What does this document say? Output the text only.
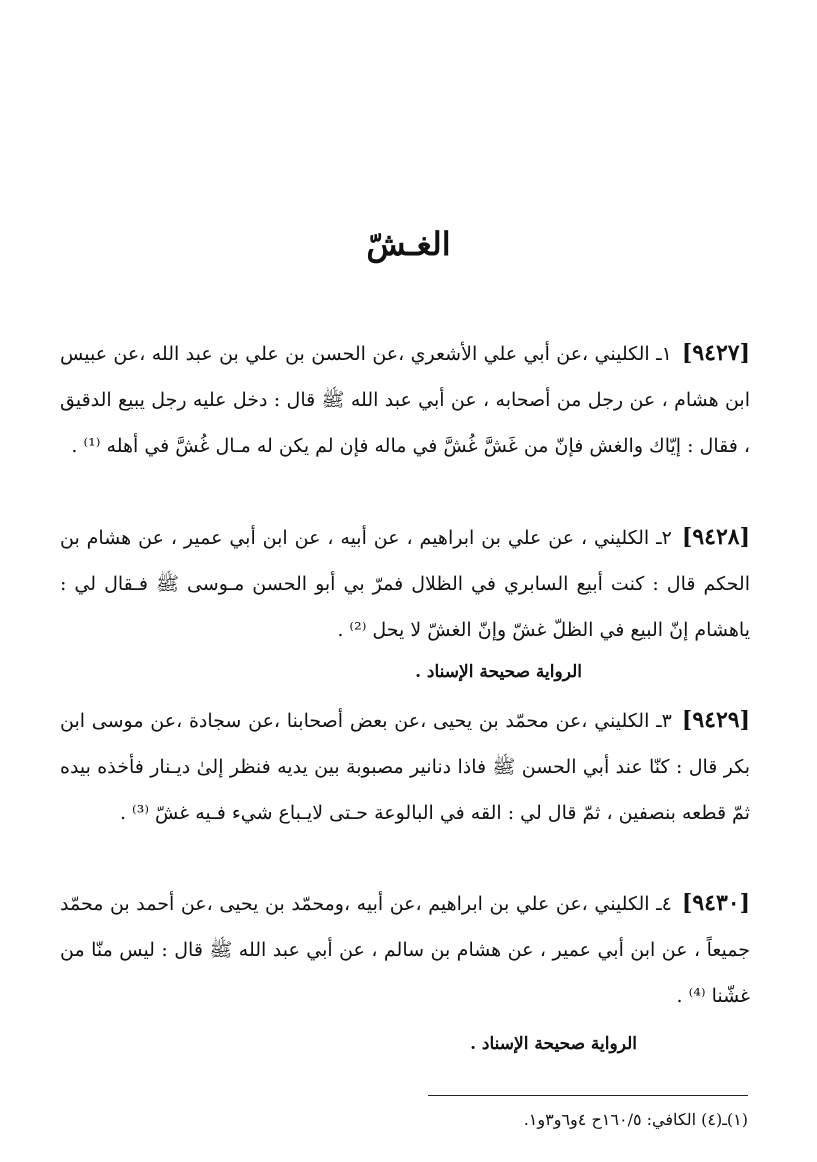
الغـشّ
[٩٤٢٧]١ـ الكليني ،عن أبي علي الأشعري ،عن الحسن بن علي بن عبد الله ،عن عبيس ابن هشام ، عن رجل من أصحابه ، عن أبي عبد الله ﷺ قال : دخل عليه رجل يبيع الدقيق ، فقال : إيّاك والغش فإنّ من غَشَّ غُشَّ في ماله فإن لم يكن له مـال غُشَّ في أهله ⁽¹⁾ .
[٩٤٢٨]٢ـ الكليني ، عن علي بن ابراهيم ، عن أبيه ، عن ابن أبي عمير ، عن هشام بن الحكم قال : كنت أبيع السابري في الظلال فمرّ بي أبو الحسن مـوسى ﷺ فـقال لي : ياهشام إنّ البيع في الظلّ غشّ وإنّ الغشّ لا يحل ⁽²⁾ .
الرواية صحيحة الإسناد .
[٩٤٢٩]٣ـ الكليني ،عن محمّد بن يحيى ،عن بعض أصحابنا ،عن سجادة ،عن موسى ابن بكر قال : كنّا عند أبي الحسن ﷺ فاذا دنانير مصبوبة بين يديه فنظر إلىٰ ديـنار فأخذه بيده ثمّ قطعه بنصفين ، ثمّ قال لي : القه في البالوعة حـتى لايـباع شيء فـيه غشّ ⁽³⁾ .
[٩٤٣٠]٤ـ الكليني ،عن علي بن ابراهيم ،عن أبيه ،ومحمّد بن يحيى ،عن أحمد بن محمّد جميعاً ، عن ابن أبي عمير ، عن هشام بن سالم ، عن أبي عبد الله ﷺ قال : ليس منّا من غشّنا ⁽⁴⁾ .
الرواية صحيحة الإسناد .
(١)ـ(٤) الكافي: ١٦٠/٥ح ٤و٦و٣و١.
